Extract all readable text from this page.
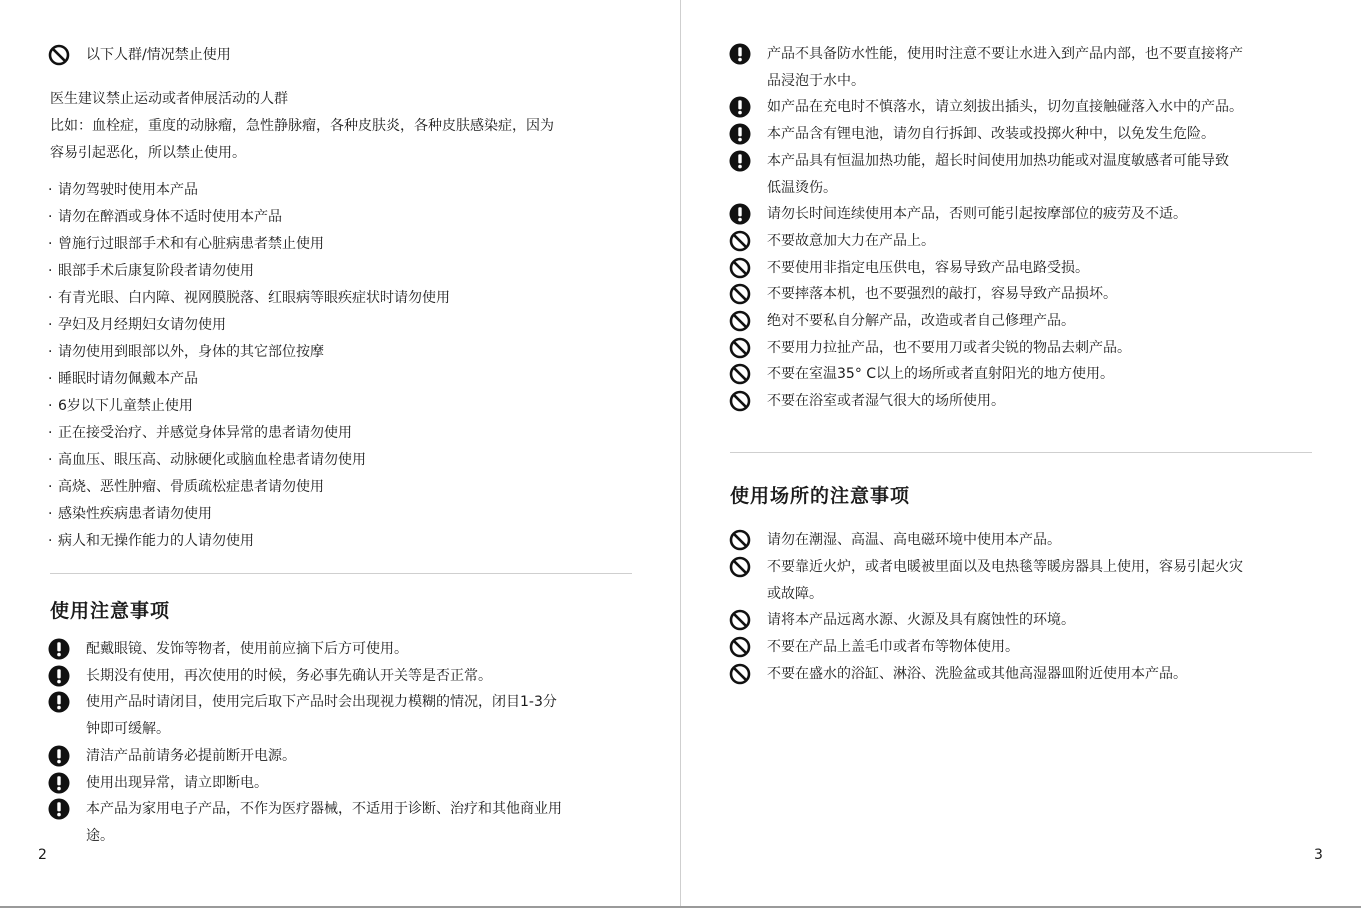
以下人群/情况禁止使用
医生建议禁止运动或者伸展活动的人群
比如：血栓症，重度的动脉瘤，急性静脉瘤，各种皮肤炎，各种皮肤感染症，因为
容易引起恶化，所以禁止使用。
· 请勿驾驶时使用本产品
· 请勿在醉酒或身体不适时使用本产品
· 曾施行过眼部手术和有心脏病患者禁止使用
· 眼部手术后康复阶段者请勿使用
· 有青光眼、白内障、视网膜脱落、红眼病等眼疾症状时请勿使用
· 孕妇及月经期妇女请勿使用
· 请勿使用到眼部以外，身体的其它部位按摩
· 睡眠时请勿佩戴本产品
· 6岁以下儿童禁止使用
· 正在接受治疗、并感觉身体异常的患者请勿使用
· 高血压、眼压高、动脉硬化或脑血栓患者请勿使用
· 高烧、恶性肿瘤、骨质疏松症患者请勿使用
· 感染性疾病患者请勿使用
· 病人和无操作能力的人请勿使用
使用注意事项
配戴眼镜、发饰等物者，使用前应摘下后方可使用。
长期没有使用，再次使用的时候，务必事先确认开关等是否正常。
使用产品时请闭目，使用完后取下产品时会出现视力模糊的情况，闭目1-3分
钟即可缓解。
清洁产品前请务必提前断开电源。
使用出现异常，请立即断电。
本产品为家用电子产品，不作为医疗器械，不适用于诊断、治疗和其他商业用
途。
2
产品不具备防水性能，使用时注意不要让水进入到产品内部，也不要直接将产
品浸泡于水中。
如产品在充电时不慎落水，请立刻拔出插头，切勿直接触碰落入水中的产品。
本产品含有锂电池，请勿自行拆卸、改装或投掷火种中，以免发生危险。
本产品具有恒温加热功能，超长时间使用加热功能或对温度敏感者可能导致
低温烫伤。
请勿长时间连续使用本产品，否则可能引起按摩部位的疲劳及不适。
不要故意加大力在产品上。
不要使用非指定电压供电，容易导致产品电路受损。
不要摔落本机，也不要强烈的敲打，容易导致产品损坏。
绝对不要私自分解产品，改造或者自己修理产品。
不要用力拉扯产品，也不要用刀或者尖锐的物品去刺产品。
不要在室温35° C以上的场所或者直射阳光的地方使用。
不要在浴室或者湿气很大的场所使用。
使用场所的注意事项
请勿在潮湿、高温、高电磁环境中使用本产品。
不要靠近火炉，或者电暖被里面以及电热毯等暖房器具上使用，容易引起火灾
或故障。
请将本产品远离水源、火源及具有腐蚀性的环境。
不要在产品上盖毛巾或者布等物体使用。
不要在盛水的浴缸、淋浴、洗脸盆或其他高湿器皿附近使用本产品。
3
